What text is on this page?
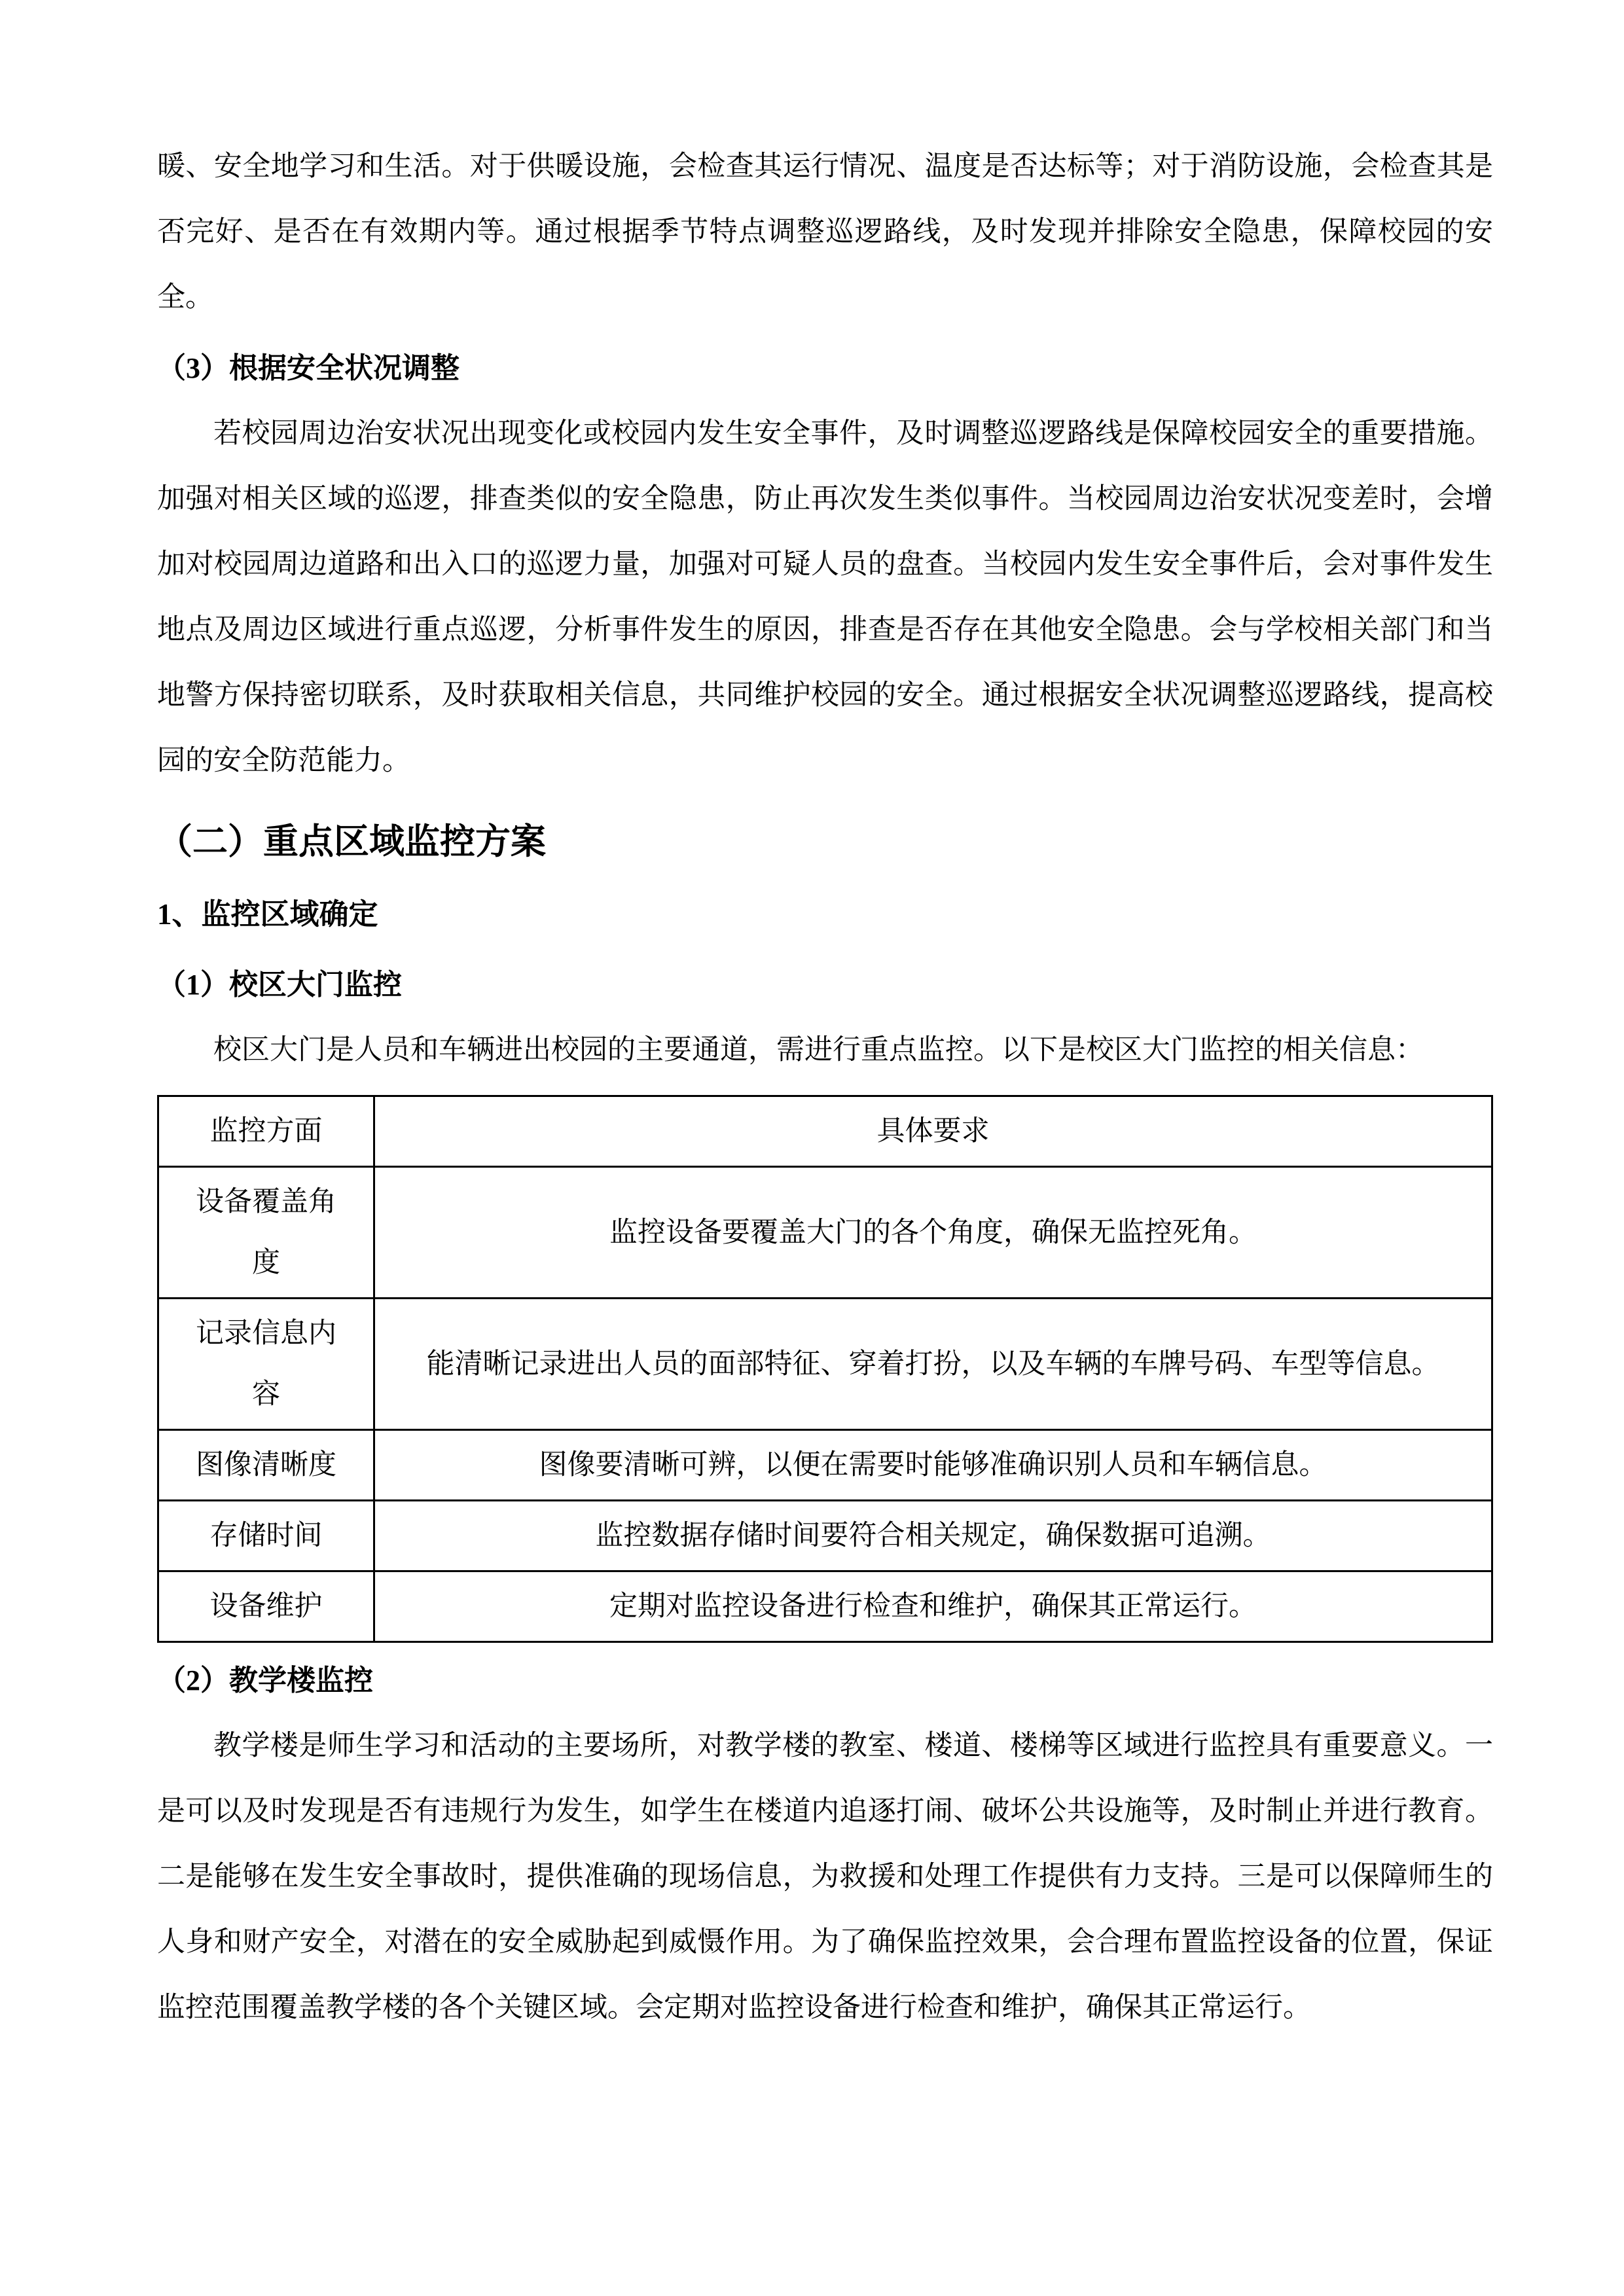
暖、安全地学习和生活。对于供暖设施，会检查其运行情况、温度是否达标等；对于消防设施，会检查其是否完好、是否在有效期内等。通过根据季节特点调整巡逻路线，及时发现并排除安全隐患，保障校园的安全。

（3）根据安全状况调整

若校园周边治安状况出现变化或校园内发生安全事件，及时调整巡逻路线是保障校园安全的重要措施。加强对相关区域的巡逻，排查类似的安全隐患，防止再次发生类似事件。当校园周边治安状况变差时，会增加对校园周边道路和出入口的巡逻力量，加强对可疑人员的盘查。当校园内发生安全事件后，会对事件发生地点及周边区域进行重点巡逻，分析事件发生的原因，排查是否存在其他安全隐患。会与学校相关部门和当地警方保持密切联系，及时获取相关信息，共同维护校园的安全。通过根据安全状况调整巡逻路线，提高校园的安全防范能力。

（二）重点区域监控方案
1、监控区域确定
（1）校区大门监控

校区大门是人员和车辆进出校园的主要通道，需进行重点监控。以下是校区大门监控的相关信息：

监控方面	具体要求
设备覆盖角度	监控设备要覆盖大门的各个角度，确保无监控死角。
记录信息内容	能清晰记录进出人员的面部特征、穿着打扮，以及车辆的车牌号码、车型等信息。
图像清晰度	图像要清晰可辨，以便在需要时能够准确识别人员和车辆信息。
存储时间	监控数据存储时间要符合相关规定，确保数据可追溯。
设备维护	定期对监控设备进行检查和维护，确保其正常运行。
（2）教学楼监控

教学楼是师生学习和活动的主要场所，对教学楼的教室、楼道、楼梯等区域进行监控具有重要意义。一是可以及时发现是否有违规行为发生，如学生在楼道内追逐打闹、破坏公共设施等，及时制止并进行教育。二是能够在发生安全事故时，提供准确的现场信息，为救援和处理工作提供有力支持。三是可以保障师生的人身和财产安全，对潜在的安全威胁起到威慑作用。为了确保监控效果，会合理布置监控设备的位置，保证监控范围覆盖教学楼的各个关键区域。会定期对监控设备进行检查和维护，确保其正常运行。
